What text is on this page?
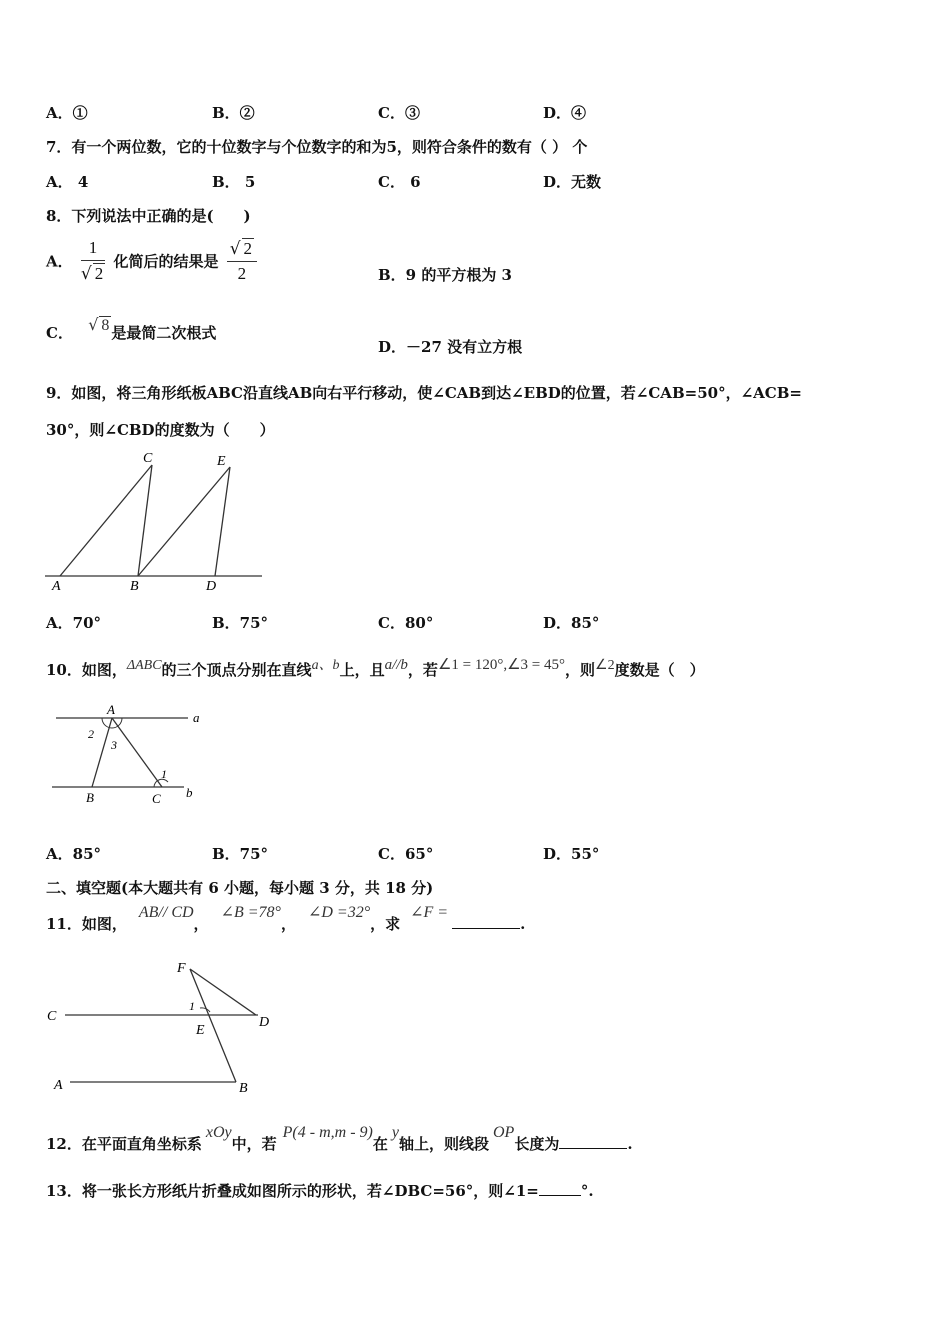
A．①	B．②	C．③	D．④
7．有一个两位数，它的十位数字与个位数字的和为5，则符合条件的数有（ ） 个
A． 4	B． 5	C． 6	D．无数
8．下列说法中正确的是(　　)
A． $\frac{1}{√ 2}$ 化简后的结果是 $\frac{√ 2}{2}$	B．9 的平方根为 3
C． √ 8 是最简二次根式
D．－27 没有立方根
9．如图，将三角形纸板ABC沿直线AB向右平行移动，使∠CAB到达∠EBD的位置，若∠CAB=50°，∠ACB=
30°，则∠CBD的度数为（　　）
C	E
A	B	D
A．70°	B．75°	C．80°	D．85°
10．如图，ΔABC的三个顶点分别在直线a、b上，且a//b，若∠1 = 120°,∠3 = 45°，则∠2度数是（　）
A
a
b
2
3
1
B	C
A．85°	B．75°	C．65°	D．55°
二、填空题(本大题共有 6 小题，每小题 3 分，共 18 分)
11．如图，AB// CD，∠B =78°，∠D =32°，求∠F =.
F
1
C	D
E
A	B
12．在平面直角坐标系xOy中，若P(4 - m,m - 9)在y轴上，则线段OP长度为	.
13．将一张长方形纸片折叠成如图所示的形状，若∠DBC=56°，则∠1=	°.
